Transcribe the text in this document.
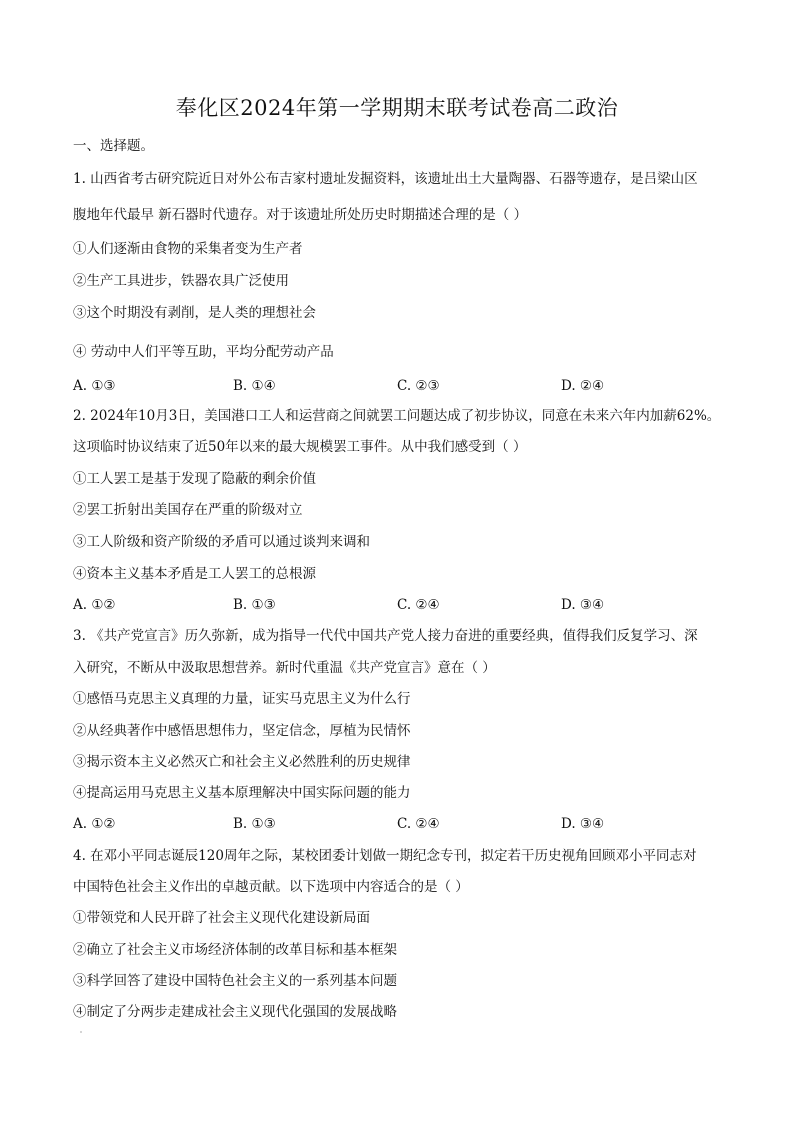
奉化区2024年第一学期期末联考试卷高二政治
一、选择题。
1. 山西省考古研究院近日对外公布吉家村遗址发掘资料，该遗址出土大量陶器、石器等遗存，是吕梁山区
腹地年代最早 新石器时代遗存。对于该遗址所处历史时期描述合理的是（ ）
①人们逐渐由食物的采集者变为生产者
②生产工具进步，铁器农具广泛使用
③这个时期没有剥削，是人类的理想社会
④ 劳动中人们平等互助，平均分配劳动产品
A. ①③	B. ①④	C. ②③	D. ②④
2. 2024年10月3日，美国港口工人和运营商之间就罢工问题达成了初步协议，同意在未来六年内加薪62%。
这项临时协议结束了近50年以来的最大规模罢工事件。从中我们感受到（ ）
①工人罢工是基于发现了隐蔽的剩余价值
②罢工折射出美国存在严重的阶级对立
③工人阶级和资产阶级的矛盾可以通过谈判来调和
④资本主义基本矛盾是工人罢工的总根源
A. ①②	B. ①③	C. ②④	D. ③④
3. 《共产党宣言》历久弥新，成为指导一代代中国共产党人接力奋进的重要经典，值得我们反复学习、深
入研究，不断从中汲取思想营养。新时代重温《共产党宣言》意在（ ）
①感悟马克思主义真理的力量，证实马克思主义为什么行
②从经典著作中感悟思想伟力，坚定信念，厚植为民情怀
③揭示资本主义必然灭亡和社会主义必然胜利的历史规律
④提高运用马克思主义基本原理解决中国实际问题的能力
A. ①②	B. ①③	C. ②④	D. ③④
4. 在邓小平同志诞辰120周年之际，某校团委计划做一期纪念专刊，拟定若干历史视角回顾邓小平同志对
中国特色社会主义作出的卓越贡献。以下选项中内容适合的是（ ）
①带领党和人民开辟了社会主义现代化建设新局面
②确立了社会主义市场经济体制的改革目标和基本框架
③科学回答了建设中国特色社会主义的一系列基本问题
④制定了分两步走建成社会主义现代化强国的发展战略
